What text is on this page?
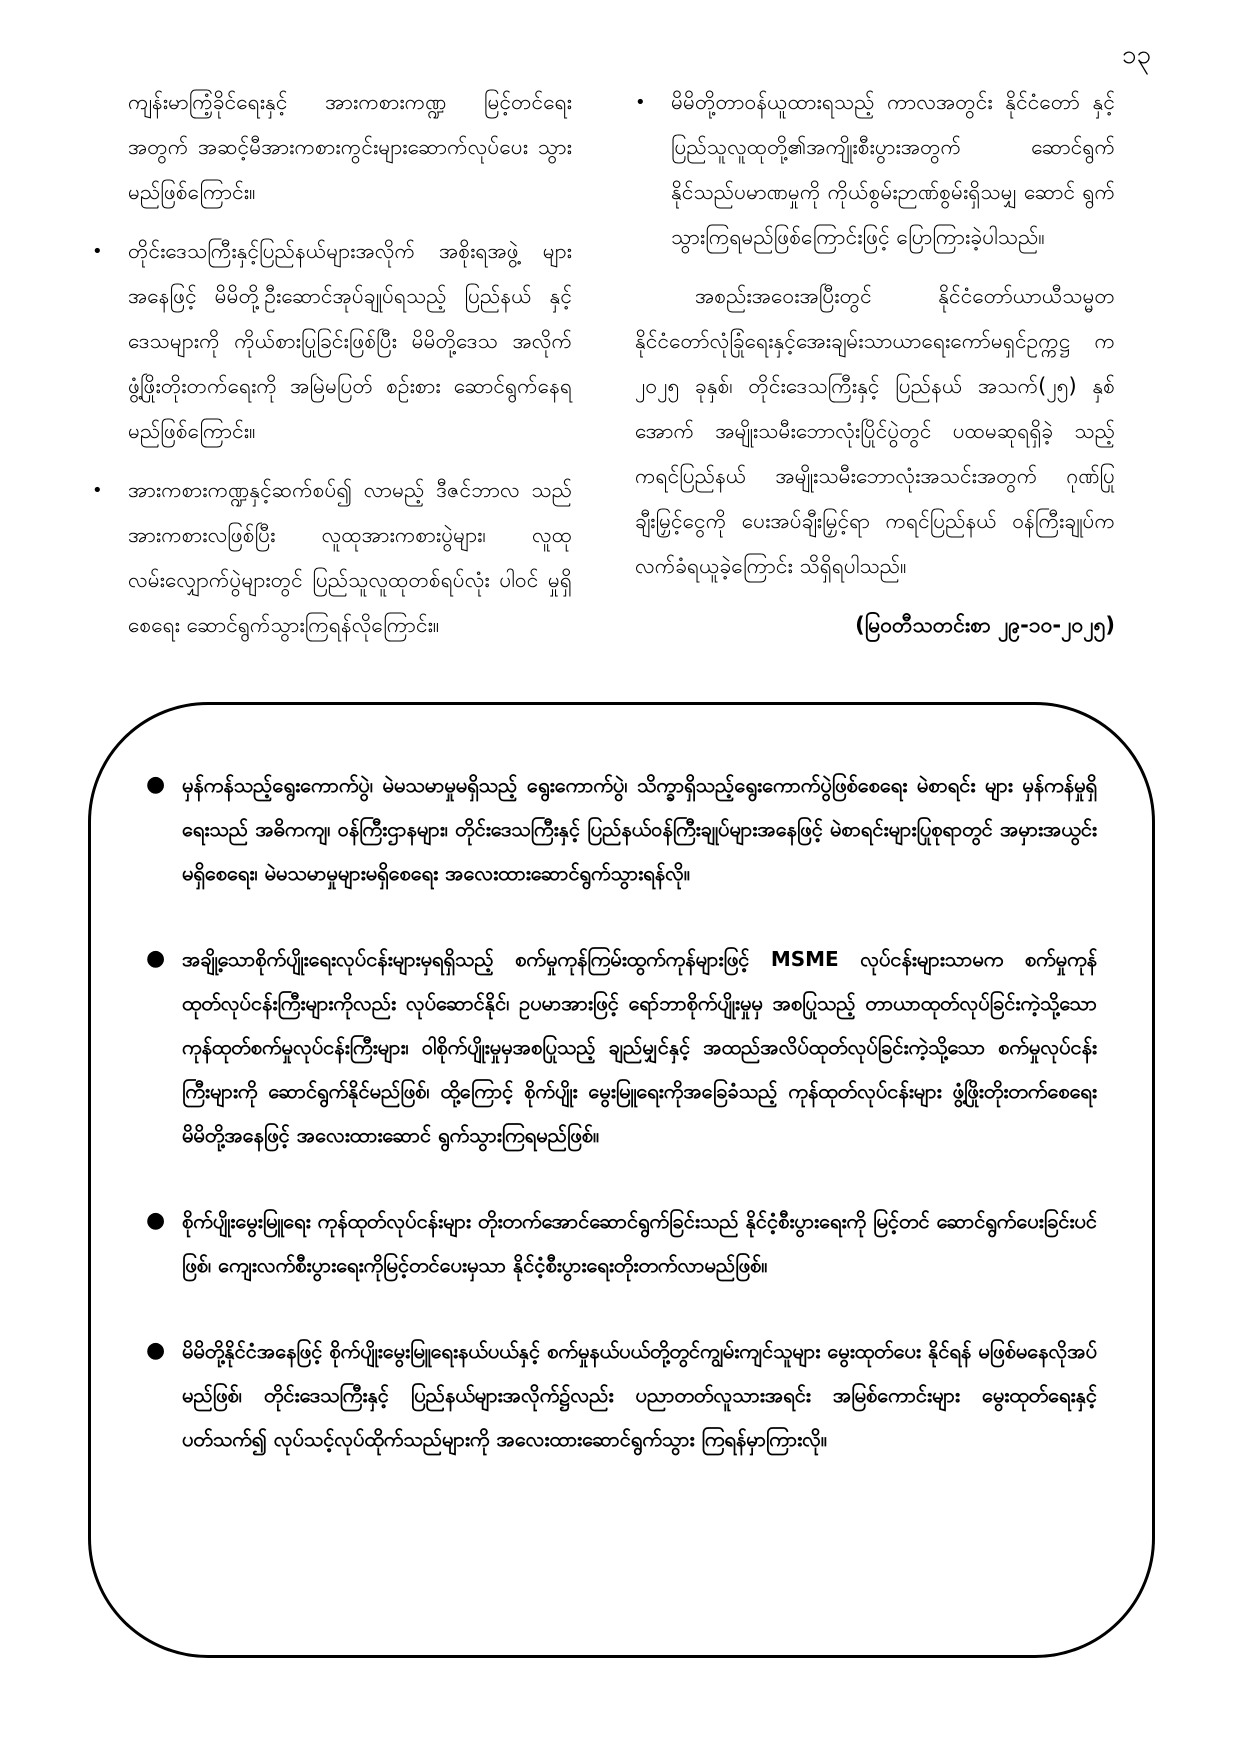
၁၃

ကျန်းမာကြံ့ခိုင်ရေးနှင့် အားကစားကဏ္ဍ မြင့်တင်ရေး အတွက် အဆင့်မီအားကစားကွင်းများဆောက်လုပ်ပေး သွားမည်ဖြစ်ကြောင်း။

•	တိုင်းဒေသကြီးနှင့်ပြည်နယ်များအလိုက် အစိုးရအဖွဲ့ များအနေဖြင့် မိမိတို့ဦးဆောင်အုပ်ချုပ်ရသည့် ပြည်နယ် နှင့်ဒေသများကို ကိုယ်စားပြုခြင်းဖြစ်ပြီး မိမိတို့ဒေသ အလိုက် ဖွံ့ဖြိုးတိုးတက်ရေးကို အမြဲမပြတ် စဉ်းစား ဆောင်ရွက်နေရမည်ဖြစ်ကြောင်း။
•	အားကစားကဏ္ဍနှင့်ဆက်စပ်၍ လာမည့် ဒီဇင်ဘာလ သည် အားကစားလဖြစ်ပြီး လူထုအားကစားပွဲများ၊ လူထု လမ်းလျှောက်ပွဲများတွင် ပြည်သူလူထုတစ်ရပ်လုံး ပါဝင် မှုရှိစေရေး ဆောင်ရွက်သွားကြရန်လိုကြောင်း။
•	မိမိတို့တာဝန်ယူထားရသည့် ကာလအတွင်း နိုင်ငံတော် နှင့် ပြည်သူလူထုတို့၏အကျိုးစီးပွားအတွက် ဆောင်ရွက် နိုင်သည်ပမာဏမှုကို ကိုယ်စွမ်းဉာဏ်စွမ်းရှိသမျှ ဆောင် ရွက်သွားကြရမည်ဖြစ်ကြောင်းဖြင့် ပြောကြားခဲ့ပါသည်။

အစည်းအဝေးအပြီးတွင် နိုင်ငံတော်ယာယီသမ္မတ နိုင်ငံတော်လုံခြုံရေးနှင့်အေးချမ်းသာယာရေးကော်မရှင်ဥက္ကဋ္ဌ က ၂၀၂၅ ခုနှစ်၊ တိုင်းဒေသကြီးနှင့် ပြည်နယ် အသက်(၂၅) နှစ်အောက် အမျိုးသမီးဘောလုံးပြိုင်ပွဲတွင် ပထမဆုရရှိခဲ့ သည့် ကရင်ပြည်နယ် အမျိုးသမီးဘောလုံးအသင်းအတွက် ဂုဏ်ပြုချီးမြှင့်ငွေကို ပေးအပ်ချီးမြှင့်ရာ ကရင်ပြည်နယ် ဝန်ကြီးချုပ်က လက်ခံရယူခဲ့ကြောင်း သိရှိရပါသည်။

(မြဝတီသတင်းစာ ၂၉-၁၀-၂၀၂၅)

● မှန်ကန်သည့်ရွေးကောက်ပွဲ၊ မဲမသမာမှုမရှိသည့် ရွေးကောက်ပွဲ၊ သိက္ခာရှိသည့်ရွေးကောက်ပွဲဖြစ်စေရေး မဲစာရင်း များ မှန်ကန်မှုရှိရေးသည် အဓိကကျ၊ ဝန်ကြီးဌာနများ၊ တိုင်းဒေသကြီးနှင့် ပြည်နယ်ဝန်ကြီးချုပ်များအနေဖြင့် မဲစာရင်းများပြုစုရာတွင် အမှားအယွင်းမရှိစေရေး၊ မဲမသမာမှုများမရှိစေရေး အလေးထားဆောင်ရွက်သွားရန်လို။
● အချို့သောစိုက်ပျိုးရေးလုပ်ငန်းများမှရရှိသည့် စက်မှုကုန်ကြမ်းထွက်ကုန်များဖြင့် MSME လုပ်ငန်းများသာမက စက်မှုကုန်ထုတ်လုပ်ငန်းကြီးများကိုလည်း လုပ်ဆောင်နိုင်၊ ဥပမာအားဖြင့် ရော်ဘာစိုက်ပျိုးမှုမှ အစပြုသည့် တာယာထုတ်လုပ်ခြင်းကဲ့သို့သော ကုန်ထုတ်စက်မှုလုပ်ငန်းကြီးများ၊ ဝါစိုက်ပျိုးမှုမှအစပြုသည့် ချည်မျှင်နှင့် အထည်အလိပ်ထုတ်လုပ်ခြင်းကဲ့သို့သော စက်မှုလုပ်ငန်းကြီးများကို ဆောင်ရွက်နိုင်မည်ဖြစ်၊ ထို့ကြောင့် စိုက်ပျိုး မွေးမြူရေးကိုအခြေခံသည့် ကုန်ထုတ်လုပ်ငန်းများ ဖွံ့ဖြိုးတိုးတက်စေရေး မိမိတို့အနေဖြင့် အလေးထားဆောင် ရွက်သွားကြရမည်ဖြစ်။
● စိုက်ပျိုးမွေးမြူရေး ကုန်ထုတ်လုပ်ငန်းများ တိုးတက်အောင်ဆောင်ရွက်ခြင်းသည် နိုင်ငံ့စီးပွားရေးကို မြင့်တင် ဆောင်ရွက်ပေးခြင်းပင်ဖြစ်၊ ကျေးလက်စီးပွားရေးကိုမြင့်တင်ပေးမှသာ နိုင်ငံ့စီးပွားရေးတိုးတက်လာမည်ဖြစ်။
● မိမိတို့နိုင်ငံအနေဖြင့် စိုက်ပျိုးမွေးမြူရေးနယ်ပယ်နှင့် စက်မှုနယ်ပယ်တို့တွင်ကျွမ်းကျင်သူများ မွေးထုတ်ပေး နိုင်ရန် မဖြစ်မနေလိုအပ်မည်ဖြစ်၊ တိုင်းဒေသကြီးနှင့် ပြည်နယ်များအလိုက်၌လည်း ပညာတတ်လူသားအရင်း အမြစ်ကောင်းများ မွေးထုတ်ရေးနှင့်ပတ်သက်၍ လုပ်သင့်လုပ်ထိုက်သည်များကို အလေးထားဆောင်ရွက်သွား ကြရန်မှာကြားလို။
